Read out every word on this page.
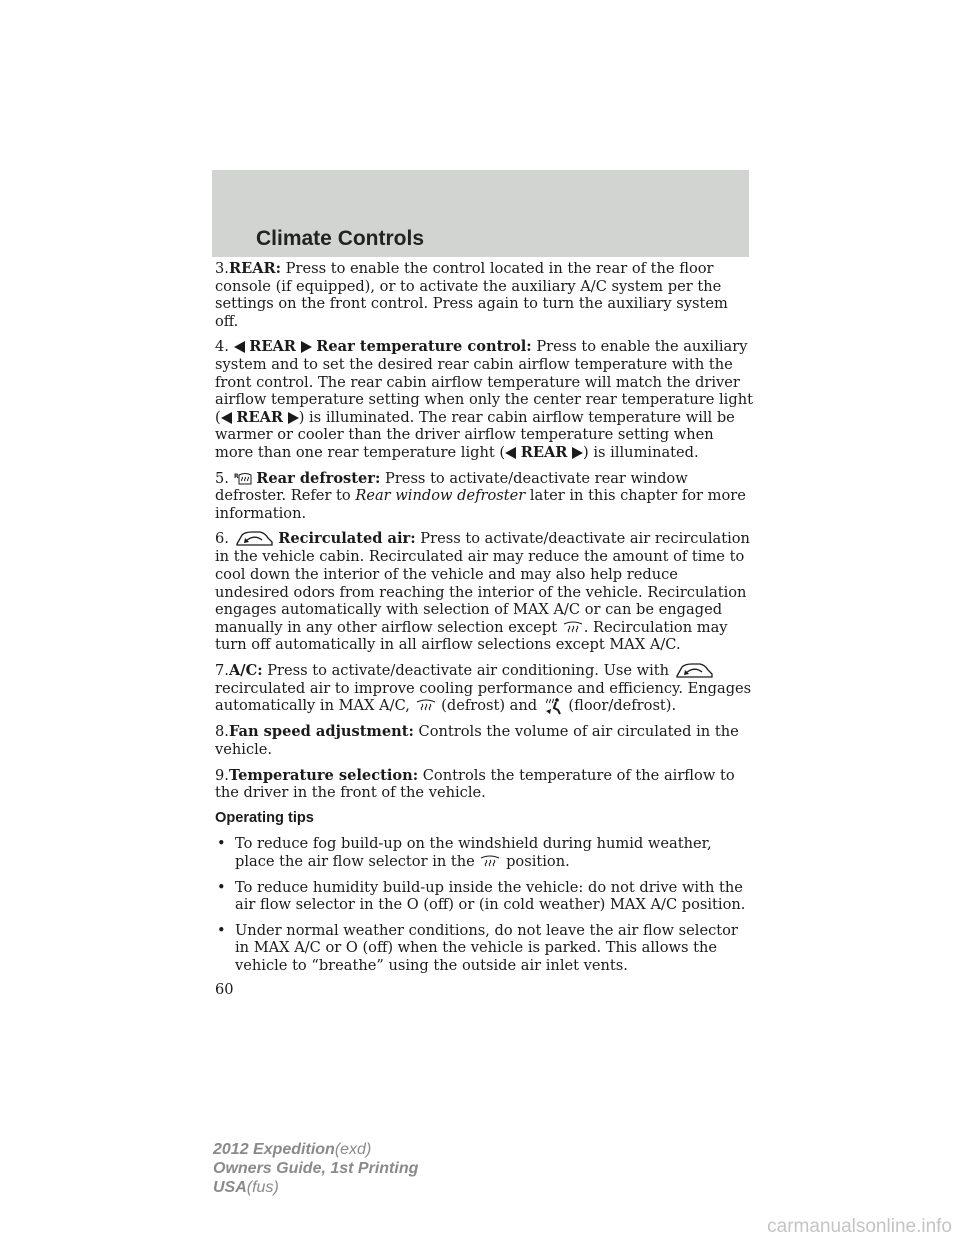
Climate Controls

3.REAR: Press to enable the control located in the rear of the floor console (if equipped), or to activate the auxiliary A/C system per the settings on the front control. Press again to turn the auxiliary system off.

4. REAR Rear temperature control: Press to enable the auxiliary system and to set the desired rear cabin airflow temperature with the front control. The rear cabin airflow temperature will match the driver airflow temperature setting when only the center rear temperature light ( REAR ) is illuminated. The rear cabin airflow temperature will be warmer or cooler than the driver airflow temperature setting when more than one rear temperature light ( REAR ) is illuminated.

5. R Rear defroster: Press to activate/deactivate rear window defroster. Refer to Rear window defroster later in this chapter for more information.

6.	Recirculated air: Press to activate/deactivate air recirculation in the vehicle cabin. Recirculated air may reduce the amount of time to cool down the interior of the vehicle and may also help reduce undesired odors from reaching the interior of the vehicle. Recirculation engages automatically with selection of MAX A/C or can be engaged manually in any other airflow selection except . Recirculation may turn off automatically in all airflow selections except MAX A/C.

7.A/C: Press to activate/deactivate air conditioning. Use with  recirculated air to improve cooling performance and efficiency. Engages automatically in MAX A/C,  (defrost) and  (floor/defrost).

8.Fan speed adjustment: Controls the volume of air circulated in the vehicle.

9.Temperature selection: Controls the temperature of the airflow to the driver in the front of the vehicle.

Operating tips
• To reduce fog build-up on the windshield during humid weather, place the air flow selector in the  position.
• To reduce humidity build-up inside the vehicle: do not drive with the air flow selector in the O (off) or (in cold weather) MAX A/C position.
• Under normal weather conditions, do not leave the air flow selector in MAX A/C or O (off) when the vehicle is parked. This allows the vehicle to “breathe” using the outside air inlet vents.
60
2012 Expedition(exd)
Owners Guide, 1st Printing
USA(fus)
carmanualsonline.info
